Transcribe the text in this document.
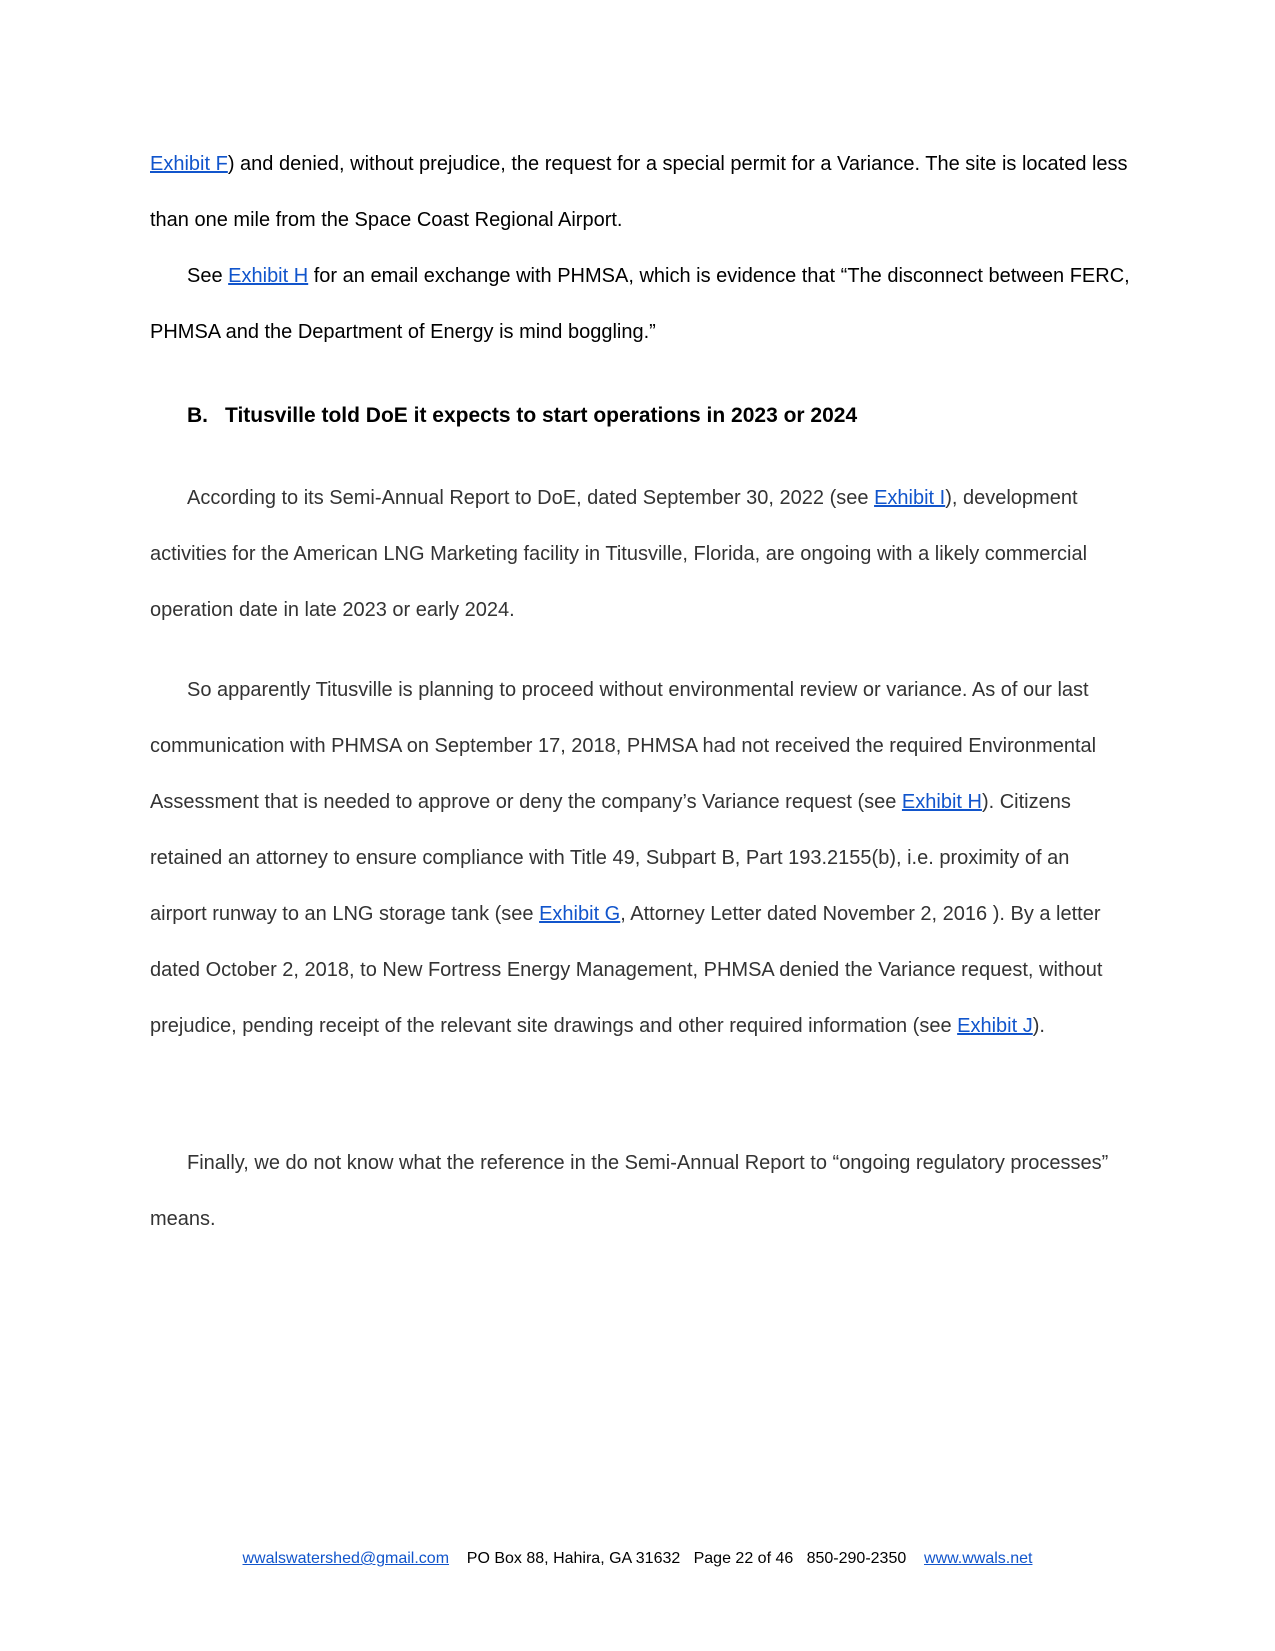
Exhibit F) and denied, without prejudice, the request for a special permit for a Variance. The site is located less than one mile from the Space Coast Regional Airport.

See Exhibit H for an email exchange with PHMSA, which is evidence that “The disconnect between FERC, PHMSA and the Department of Energy is mind boggling.”

B. Titusville told DoE it expects to start operations in 2023 or 2024

According to its Semi-Annual Report to DoE, dated September 30, 2022 (see Exhibit I), development activities for the American LNG Marketing facility in Titusville, Florida, are ongoing with a likely commercial operation date in late 2023 or early 2024.

So apparently Titusville is planning to proceed without environmental review or variance. As of our last communication with PHMSA on September 17, 2018, PHMSA had not received the required Environmental Assessment that is needed to approve or deny the company’s Variance request (see Exhibit H). Citizens retained an attorney to ensure compliance with Title 49, Subpart B, Part 193.2155(b), i.e. proximity of an airport runway to an LNG storage tank (see Exhibit G, Attorney Letter dated November 2, 2016 ). By a letter dated October 2, 2018, to New Fortress Energy Management, PHMSA denied the Variance request, without prejudice, pending receipt of the relevant site drawings and other required information (see Exhibit J).

Finally, we do not know what the reference in the Semi-Annual Report to “ongoing regulatory processes” means.

wwalswatershed@gmail.com PO Box 88, Hahira, GA 31632 Page 22 of 46 850-290-2350 www.wwals.net
